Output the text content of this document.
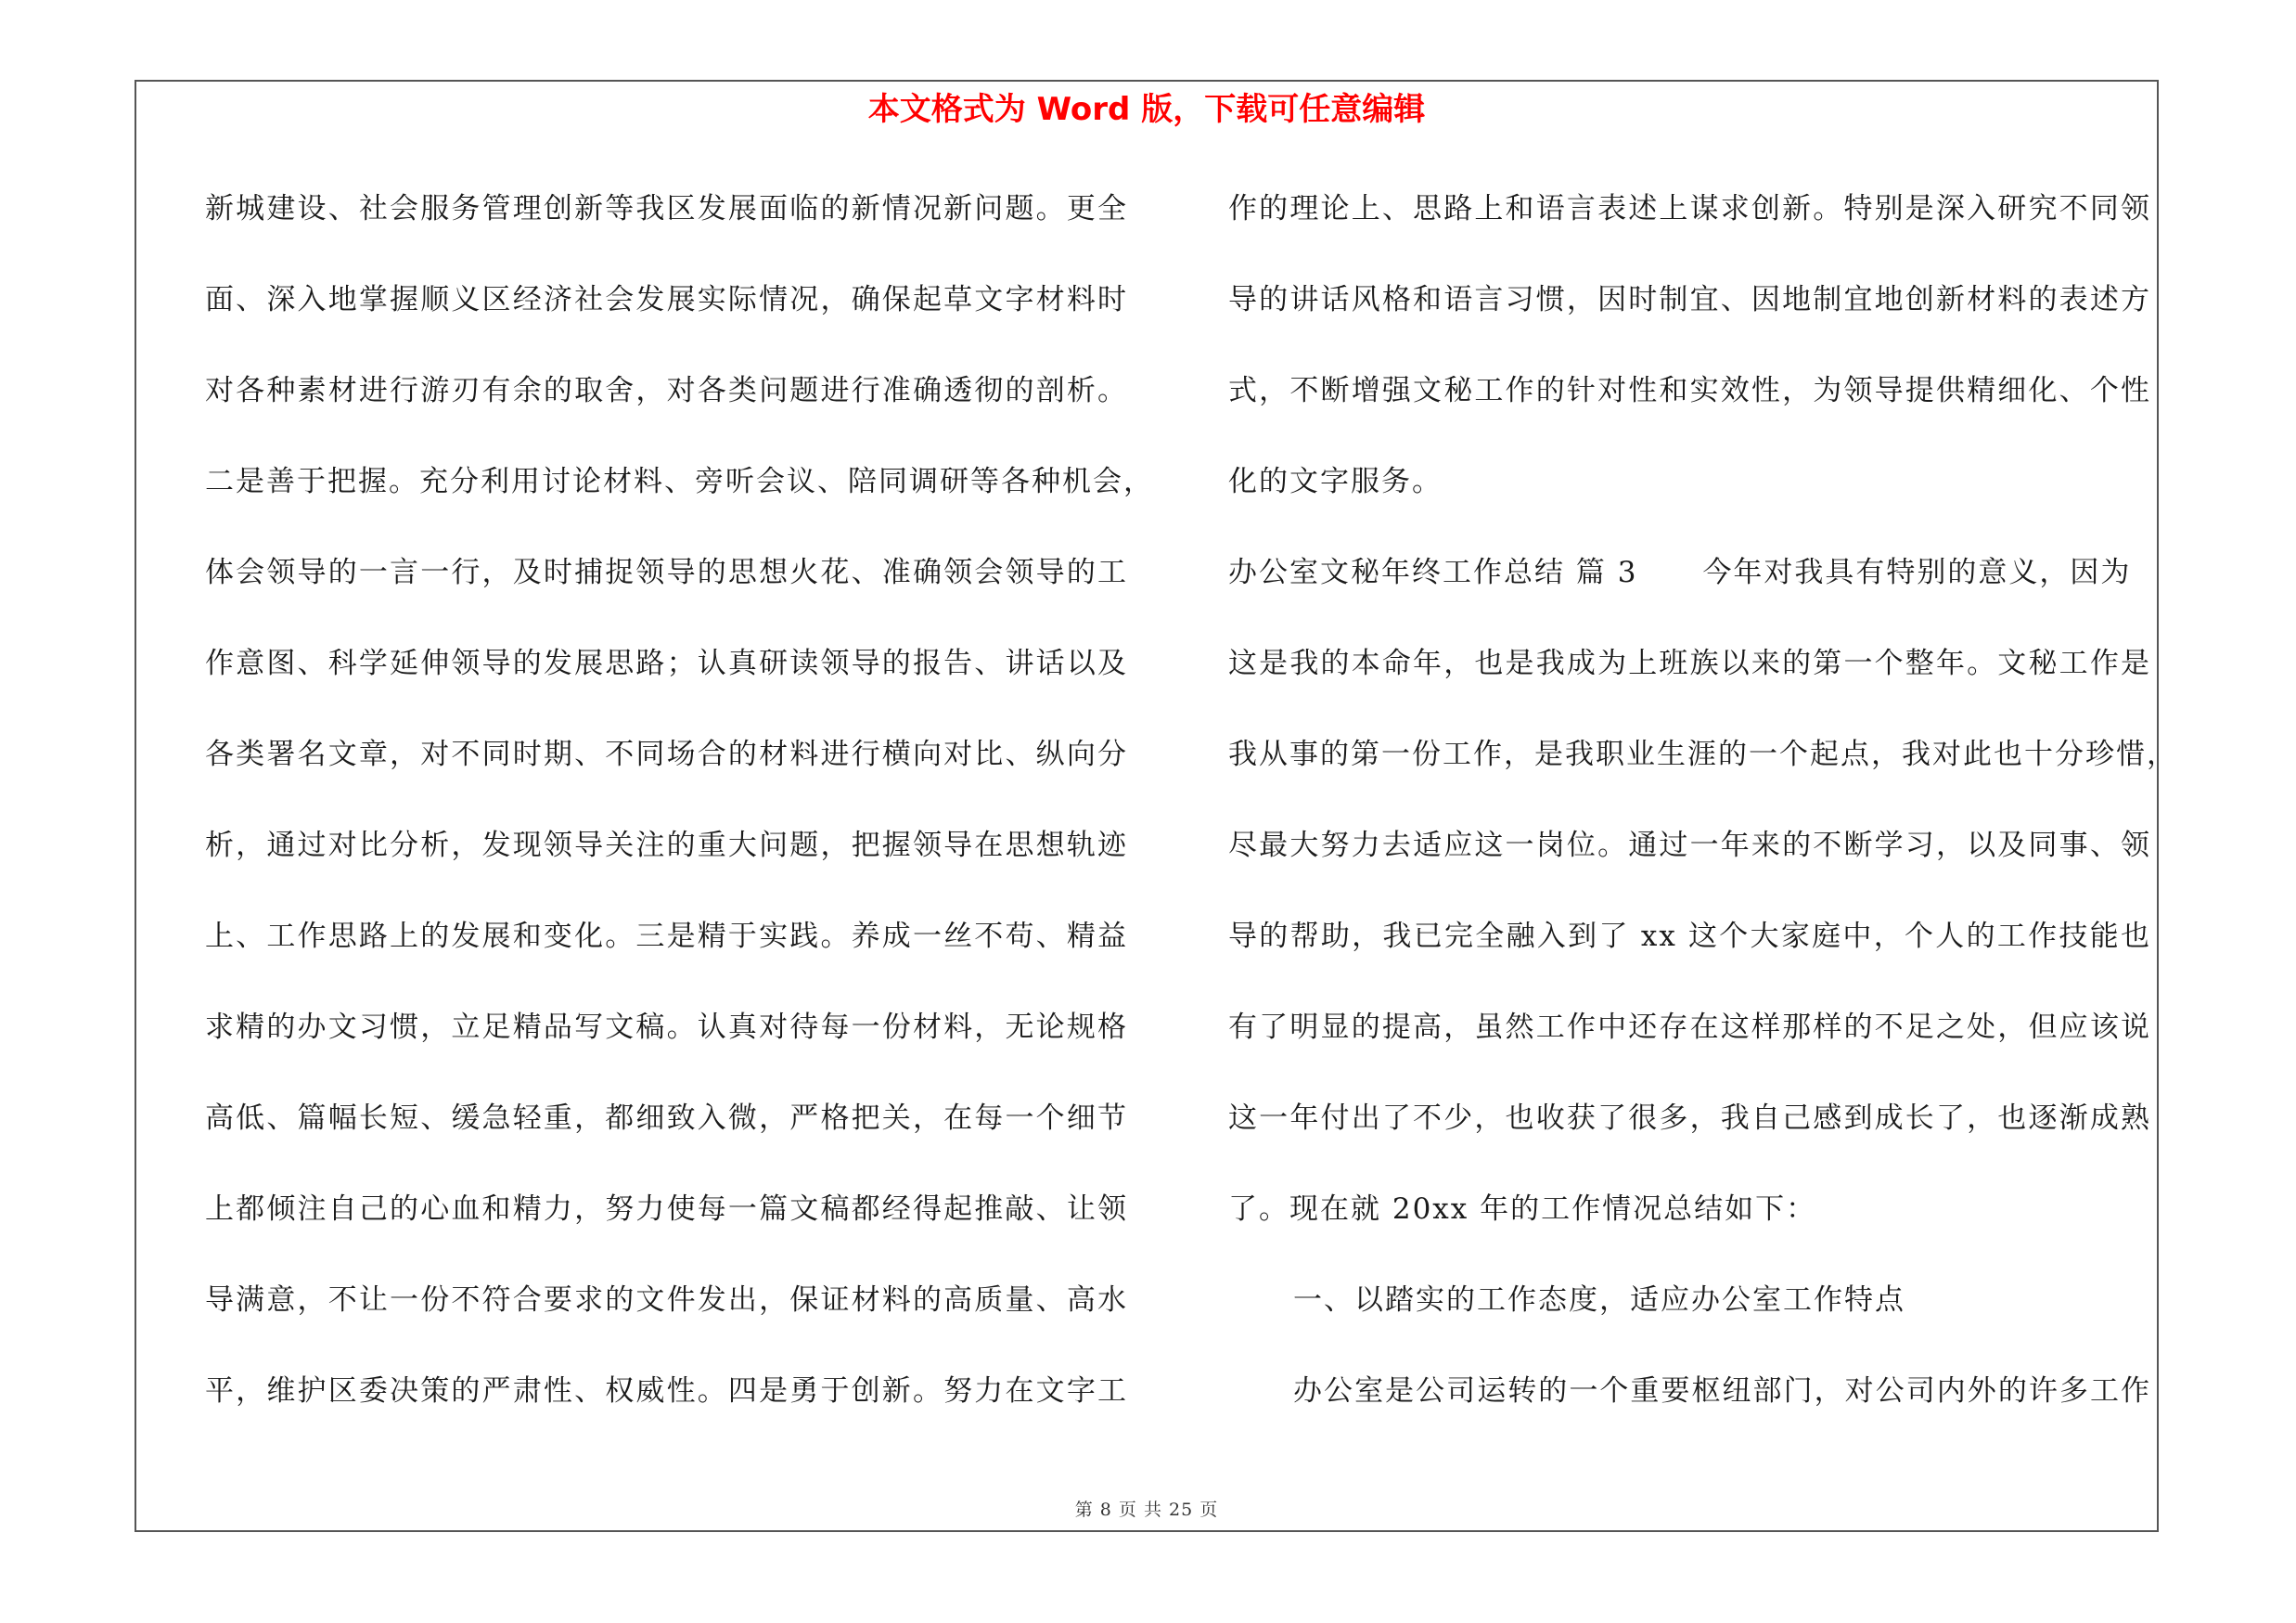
本文格式为 Word 版，下载可任意编辑
新城建设、社会服务管理创新等我区发展面临的新情况新问题。更全
面、深入地掌握顺义区经济社会发展实际情况，确保起草文字材料时
对各种素材进行游刃有余的取舍，对各类问题进行准确透彻的剖析。
二是善于把握。充分利用讨论材料、旁听会议、陪同调研等各种机会，
体会领导的一言一行，及时捕捉领导的思想火花、准确领会领导的工
作意图、科学延伸领导的发展思路；认真研读领导的报告、讲话以及
各类署名文章，对不同时期、不同场合的材料进行横向对比、纵向分
析，通过对比分析，发现领导关注的重大问题，把握领导在思想轨迹
上、工作思路上的发展和变化。三是精于实践。养成一丝不苟、精益
求精的办文习惯，立足精品写文稿。认真对待每一份材料，无论规格
高低、篇幅长短、缓急轻重，都细致入微，严格把关，在每一个细节
上都倾注自己的心血和精力，努力使每一篇文稿都经得起推敲、让领
导满意，不让一份不符合要求的文件发出，保证材料的高质量、高水
平，维护区委决策的严肃性、权威性。四是勇于创新。努力在文字工
作的理论上、思路上和语言表述上谋求创新。特别是深入研究不同领
导的讲话风格和语言习惯，因时制宜、因地制宜地创新材料的表述方
式，不断增强文秘工作的针对性和实效性，为领导提供精细化、个性
化的文字服务。
办公室文秘年终工作总结 篇 3 今年对我具有特别的意义，因为
这是我的本命年，也是我成为上班族以来的第一个整年。文秘工作是
我从事的第一份工作，是我职业生涯的一个起点，我对此也十分珍惜，
尽最大努力去适应这一岗位。通过一年来的不断学习，以及同事、领
导的帮助，我已完全融入到了 xx 这个大家庭中，个人的工作技能也
有了明显的提高，虽然工作中还存在这样那样的不足之处，但应该说
这一年付出了不少，也收获了很多，我自己感到成长了，也逐渐成熟
了。现在就 20xx 年的工作情况总结如下：
一、以踏实的工作态度，适应办公室工作特点
办公室是公司运转的一个重要枢纽部门，对公司内外的许多工作
第 8 页 共 25 页
